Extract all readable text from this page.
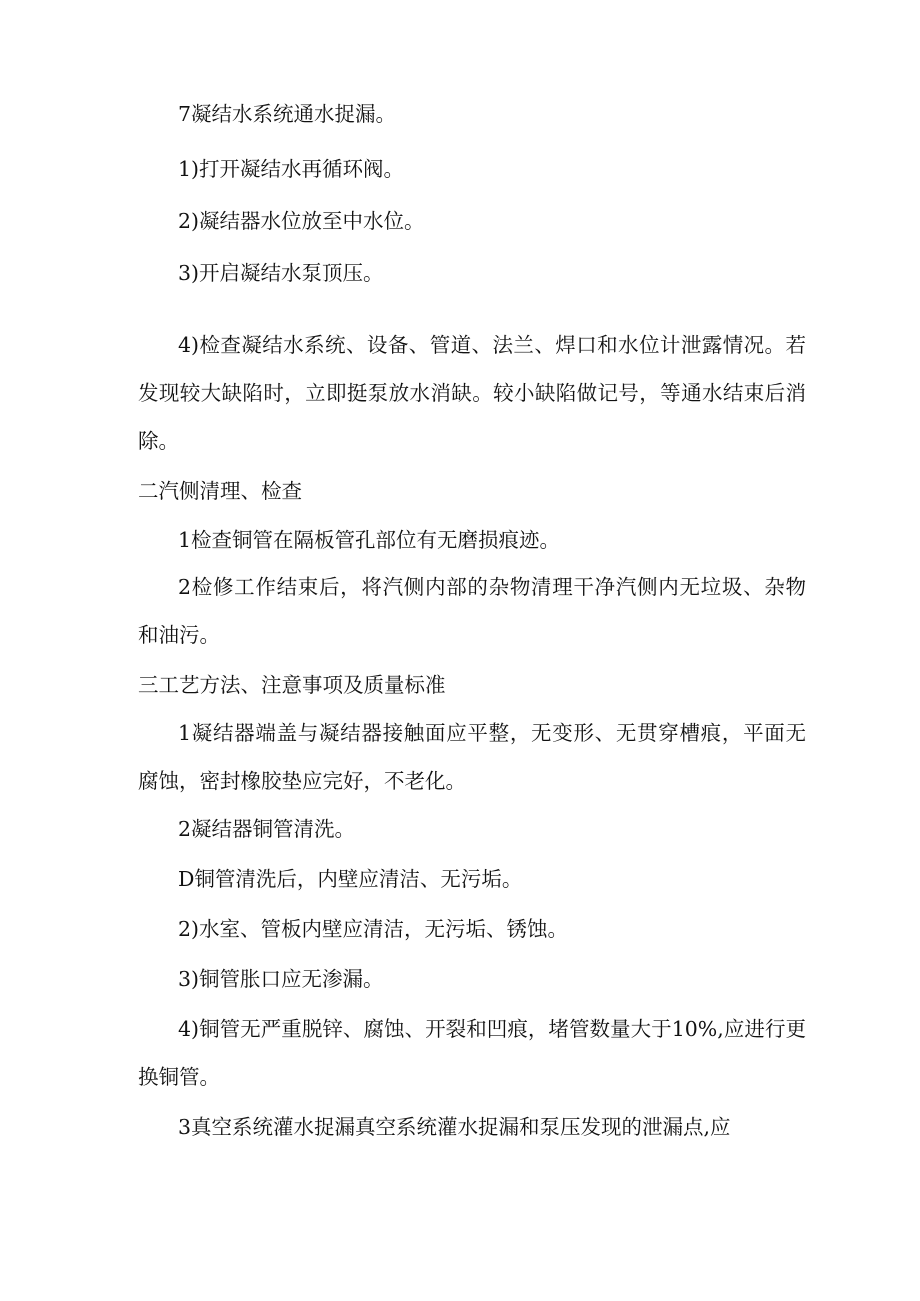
7凝结水系统通水捉漏。

1)打开凝结水再循环阀。

2)凝结器水位放至中水位。

3)开启凝结水泵顶压。

4)检查凝结水系统、设备、管道、法兰、焊口和水位计泄露情况。若发现较大缺陷时，立即挺泵放水消缺。较小缺陷做记号，等通水结束后消除。

二汽侧清理、检查

1检查铜管在隔板管孔部位有无磨损痕迹。

2检修工作结束后，将汽侧内部的杂物清理干净汽侧内无垃圾、杂物和油污。

三工艺方法、注意事项及质量标准

1凝结器端盖与凝结器接触面应平整，无变形、无贯穿槽痕，平面无腐蚀，密封橡胶垫应完好，不老化。

2凝结器铜管清洗。

D铜管清洗后，内壁应清洁、无污垢。

2)水室、管板内壁应清洁，无污垢、锈蚀。

3)铜管胀口应无渗漏。

4)铜管无严重脱锌、腐蚀、开裂和凹痕，堵管数量大于10%,应进行更换铜管。

3真空系统灌水捉漏真空系统灌水捉漏和泵压发现的泄漏点,应
